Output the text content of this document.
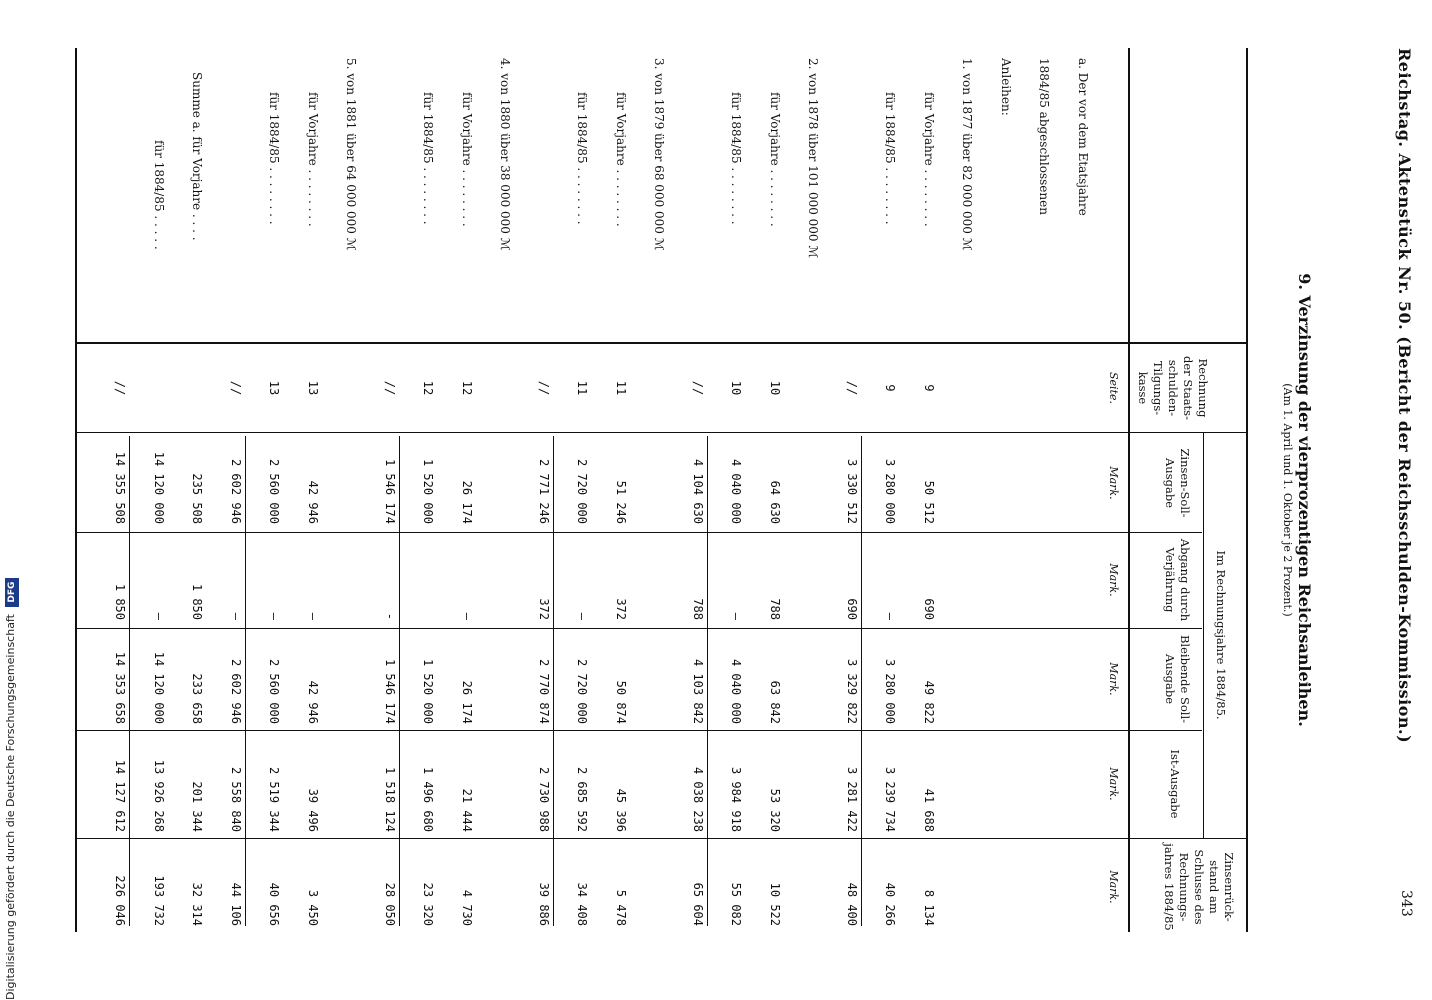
Reichstag. Aktenstück Nr. 50. (Bericht der Reichsschulden-Kommission.)
343
9. Verzinsung der vierprozentigen Reichsanleihen.
(Am 1. April und 1. Oktober je 2 Prozent.)
Im Rechnungsjahre 1884/85.
Rechnung der Staats-schulden-Tilgungs-kasse
Zinsen-Soll-Ausgabe
Abgang durch Verjährung
Bleibende Soll-Ausgabe
Ist-Ausgabe
Zinsenrück-stand am Schlusse des Rechnungs-jahres 1884/85
Seite.
Mark.
Mark.
Mark.
Mark.
Mark.
a. Der vor dem Etatsjahre
1884/85 abgeschlossenen
Anleihen:
1. von 1877 über 82 000 000 ℳ
für Vorjahre . . . . . . . .
9
50 512
690
49 822
41 688
8 134
für 1884/85 . . . . . . . .
9
3 280 000
—
3 280 000
3 239 734
40 266
//
3 330 512
690
3 329 822
3 281 422
48 400
2. von 1878 über 101 000 000 ℳ
für Vorjahre . . . . . . . .
10
64 630
788
63 842
53 320
10 522
für 1884/85 . . . . . . . .
10
4 040 000
—
4 040 000
3 984 918
55 082
//
4 104 630
788
4 103 842
4 038 238
65 604
3. von 1879 über 68 000 000 ℳ
für Vorjahre . . . . . . . .
11
51 246
372
50 874
45 396
5 478
für 1884/85 . . . . . . . .
11
2 720 000
—
2 720 000
2 685 592
34 408
//
2 771 246
372
2 770 874
2 730 988
39 886
4. von 1880 über 38 000 000 ℳ
für Vorjahre . . . . . . . .
12
26 174
—
26 174
21 444
4 730
für 1884/85 . . . . . . . .
12
1 520 000
1 520 000
1 496 680
23 320
//
1 546 174
-
1 546 174
1 518 124
28 050
5. von 1881 über 64 000 000 ℳ
für Vorjahre . . . . . . . .
13
42 946
—
42 946
39 496
3 450
für 1884/85 . . . . . . . .
13
2 560 000
—
2 560 000
2 519 344
40 656
//
2 602 946
—
2 602 946
2 558 840
44 106
Summe a. für Vorjahre . . . .
235 508
1 850
233 658
201 344
32 314
für 1884/85 . . . . .
14 120 000
—
14 120 000
13 926 268
193 732
//
14 355 508
1 850
14 353 658
14 127 612
226 046
Digitalisierung gefördert durch die Deutsche Forschungsgemeinschaft DFG
